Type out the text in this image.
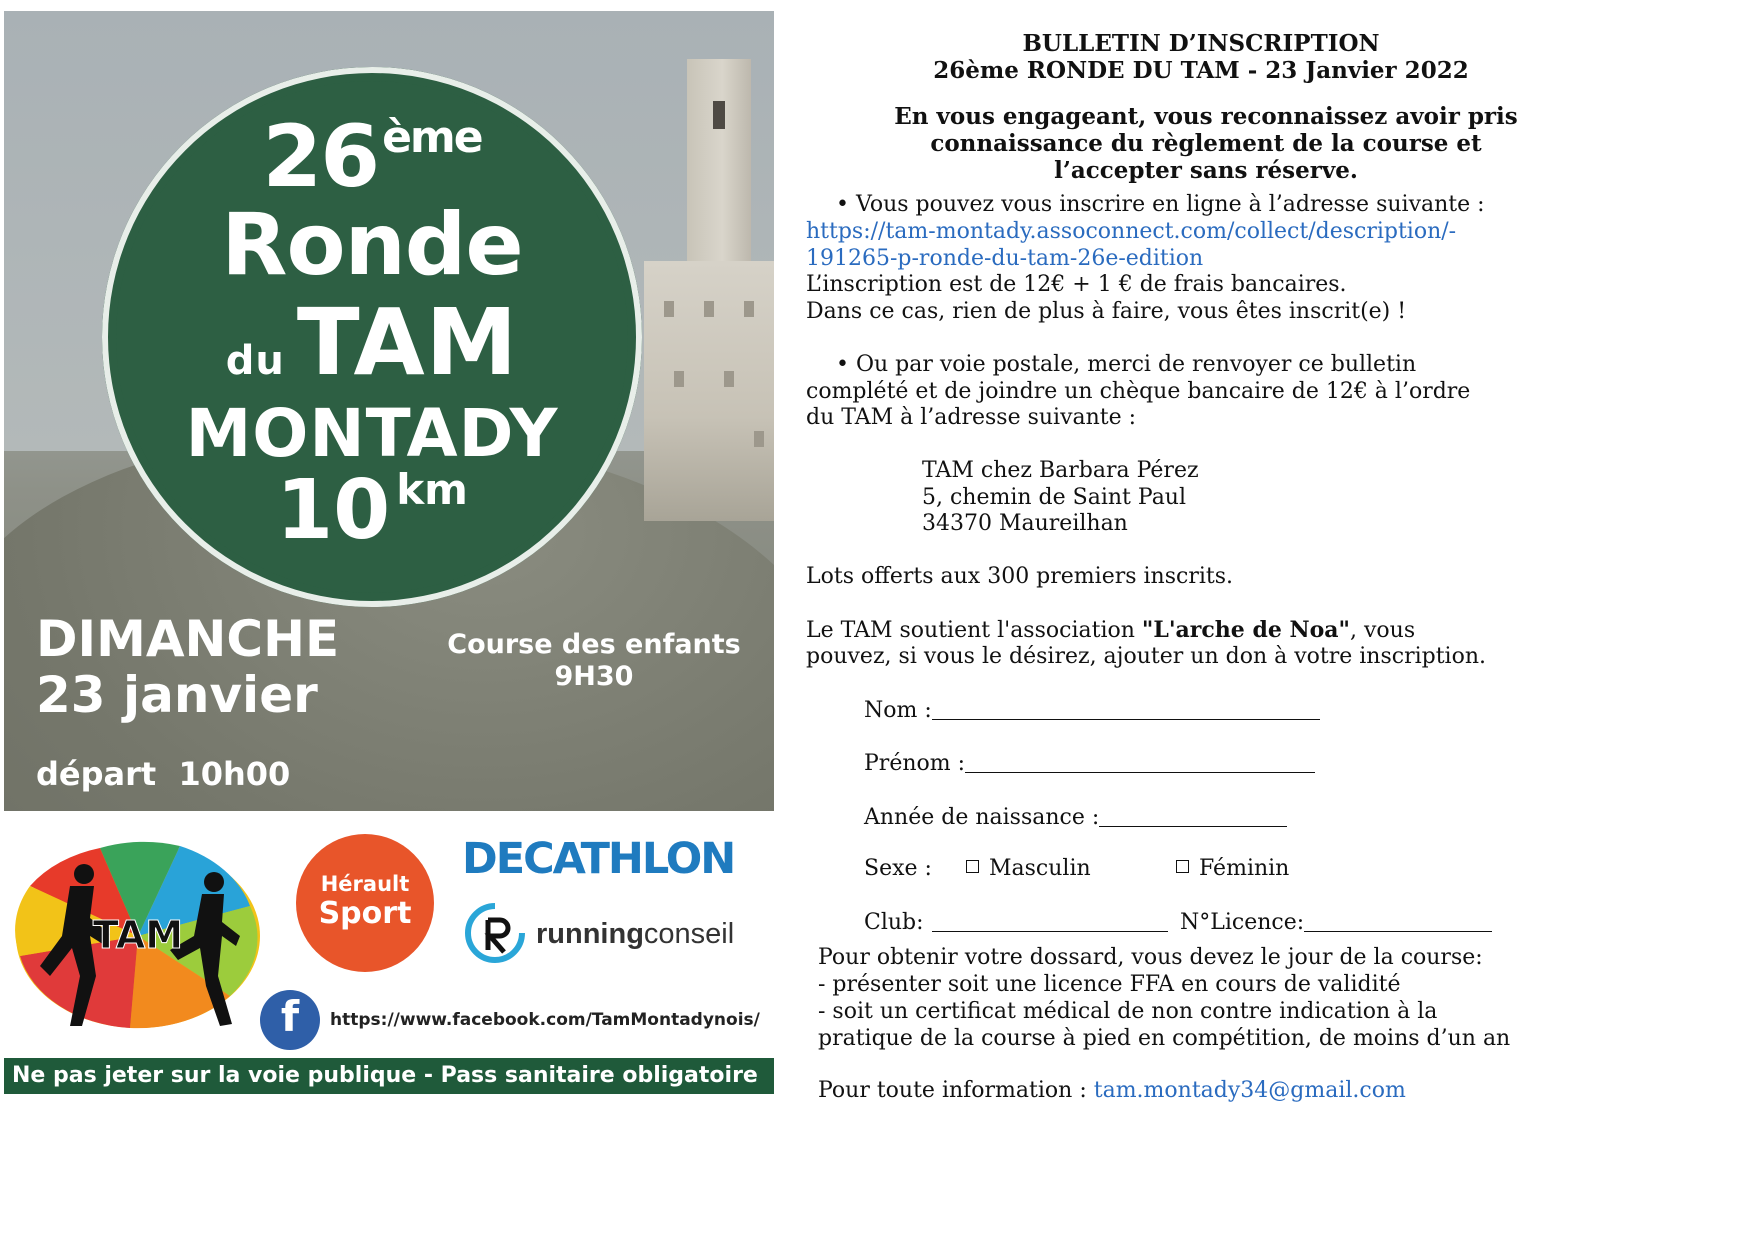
26ème
Ronde
du TAM
MONTADY
10 $^{km}$
DIMANCHE
23 janvier
départ  10h00
Course des enfants
9H30
TAM
Hérault
Sport
DECATHLON
runningconseil
f	https://www.facebook.com/TamMontadynois/
Ne pas jeter sur la voie publique - Pass sanitaire obligatoire
BULLETIN D’INSCRIPTION
26ème RONDE DU TAM - 23 Janvier 2022
En vous engageant, vous reconnaissez avoir pris
connaissance du règlement de la course et
l’accepter sans réserve.
• Vous pouvez vous inscrire en ligne à l’adresse suivante :
https://tam-montady.assoconnect.com/collect/description/-
191265-p-ronde-du-tam-26e-edition
L’inscription est de 12€ + 1 € de frais bancaires.
Dans ce cas, rien de plus à faire, vous êtes inscrit(e) !
• Ou par voie postale, merci de renvoyer ce bulletin
complété et de joindre un chèque bancaire de 12€ à l’ordre
du TAM à l’adresse suivante :
TAM chez Barbara Pérez
5, chemin de Saint Paul
34370 Maureilhan
Lots offerts aux 300 premiers inscrits.
Le TAM soutient l'association "L'arche de Noa", vous
pouvez, si vous le désirez, ajouter un don à votre inscription.
Nom :
Prénom :
Année de naissance :
Sexe :	Masculin	Féminin
Club:	N°Licence:
Pour obtenir votre dossard, vous devez le jour de la course:
- présenter soit une licence FFA en cours de validité
- soit un certificat médical de non contre indication à la
pratique de la course à pied en compétition, de moins d’un an
Pour toute information : tam.montady34@gmail.com
